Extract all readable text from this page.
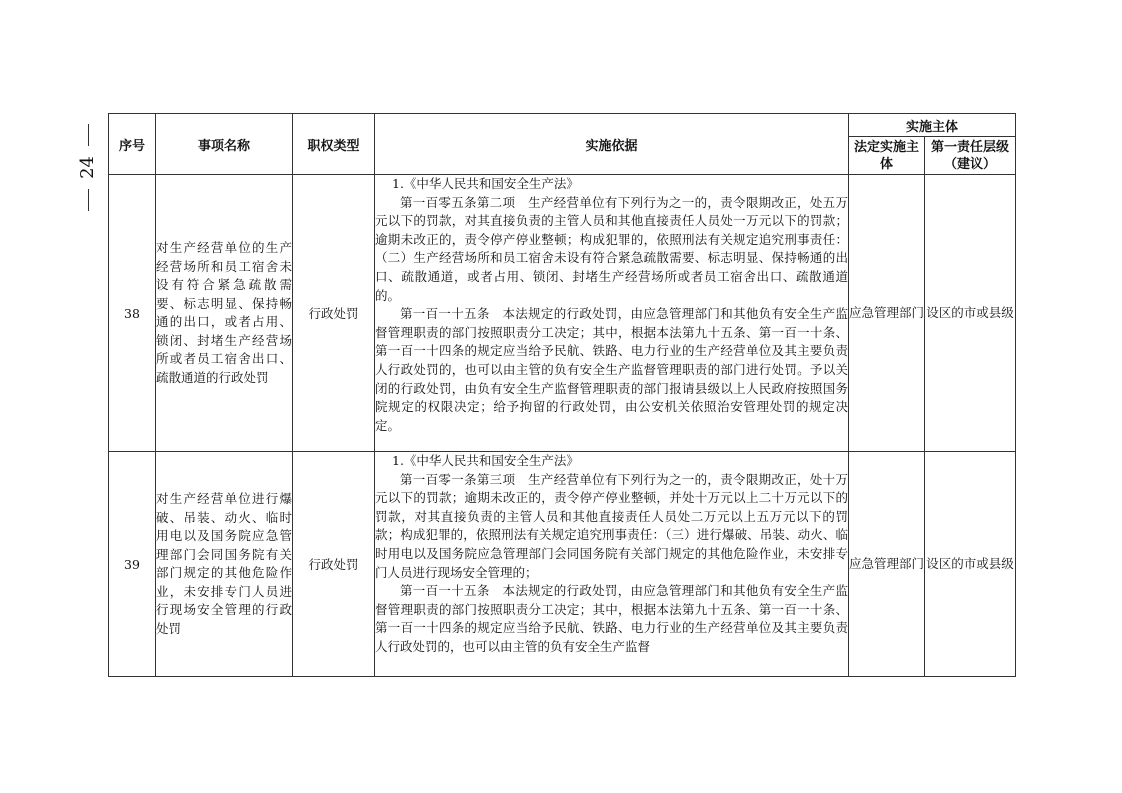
24
序号	事项名称	职权类型	实施依据	实施主体	
				法定实施主体	第一责任层级（建议）
38	对生产经营单位的生产经营场所和员工宿舍未设有符合紧急疏散需要、标志明显、保持畅通的出口，或者占用、锁闭、封堵生产经营场所或者员工宿舍出口、疏散通道的行政处罚	行政处罚	1.《中华人民共和国安全生产法》

第一百零五条第二项　生产经营单位有下列行为之一的，责令限期改正，处五万元以下的罚款，对其直接负责的主管人员和其他直接责任人员处一万元以下的罚款；逾期未改正的，责令停产停业整顿；构成犯罪的，依照刑法有关规定追究刑事责任：（二）生产经营场所和员工宿舍未设有符合紧急疏散需要、标志明显、保持畅通的出口、疏散通道，或者占用、锁闭、封堵生产经营场所或者员工宿舍出口、疏散通道的。

第一百一十五条　本法规定的行政处罚，由应急管理部门和其他负有安全生产监督管理职责的部门按照职责分工决定；其中，根据本法第九十五条、第一百一十条、第一百一十四条的规定应当给予民航、铁路、电力行业的生产经营单位及其主要负责人行政处罚的，也可以由主管的负有安全生产监督管理职责的部门进行处罚。予以关闭的行政处罚，由负有安全生产监督管理职责的部门报请县级以上人民政府按照国务院规定的权限决定；给予拘留的行政处罚，由公安机关依照治安管理处罚的规定决定。	应急管理部门	设区的市或县级
39	对生产经营单位进行爆破、吊装、动火、临时用电以及国务院应急管理部门会同国务院有关部门规定的其他危险作业，未安排专门人员进行现场安全管理的行政处罚	行政处罚	1.《中华人民共和国安全生产法》

第一百零一条第三项　生产经营单位有下列行为之一的，责令限期改正，处十万元以下的罚款；逾期未改正的，责令停产停业整顿，并处十万元以上二十万元以下的罚款，对其直接负责的主管人员和其他直接责任人员处二万元以上五万元以下的罚款；构成犯罪的，依照刑法有关规定追究刑事责任：（三）进行爆破、吊装、动火、临时用电以及国务院应急管理部门会同国务院有关部门规定的其他危险作业，未安排专门人员进行现场安全管理的；

第一百一十五条　本法规定的行政处罚，由应急管理部门和其他负有安全生产监督管理职责的部门按照职责分工决定；其中，根据本法第九十五条、第一百一十条、第一百一十四条的规定应当给予民航、铁路、电力行业的生产经营单位及其主要负责人行政处罚的，也可以由主管的负有安全生产监督	应急管理部门	设区的市或县级
